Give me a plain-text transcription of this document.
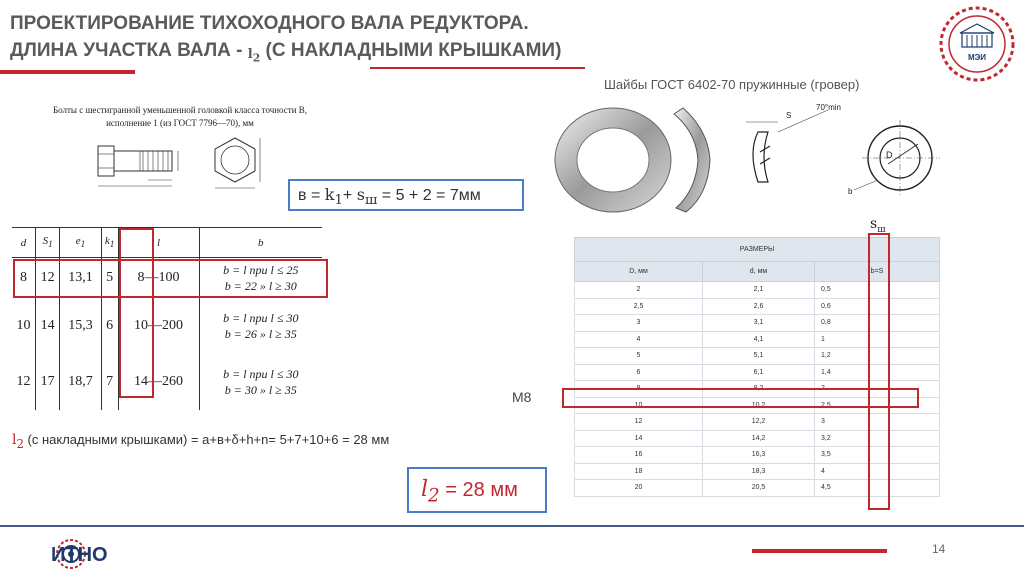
ПРОЕКТИРОВАНИЕ ТИХОХОДНОГО ВАЛА РЕДУКТОРА.
ДЛИНА УЧАСТКА ВАЛА - $l_2$ (С НАКЛАДНЫМИ КРЫШКАМИ)	МЭИ
Болты с шестигранной уменьшенной головкой класса точности В,
исполнение 1 (из ГОСТ 7796—70), мм
$в = k_1+ s_ш = 5 + 2 = 7мм$
d	$S_1$	$e_1$	$k_1$	l	b
8	12	13,1	5	8—100	b = l при l ≤ 25
b = 22 » l ≥ 30

10	14	15,3	6	10—200	b = l при l ≤ 30
b = 26 » l ≥ 35

12	17	18,7	7	14—260	b = l при l ≤ 30
b = 30 » l ≥ 35
$l_2$ (с накладными крышками) = а+в+δ+h+n= 5+7+10+6 = 28 мм
$l_2 = 28$ мм
Шайбы ГОСТ 6402-70 пружинные (гровер)
S
70°min
D
b
$s_ш$
РАЗМЕРЫ		
D, мм	d, мм	b=S
2	2,1	0,5
2,5	2,6	0,6
3	3,1	0,8
4	4,1	1
5	5,1	1,2
6	6,1	1,4
8	8,2	2
10	10,2	2,5
12	12,2	3
14	14,2	3,2
16	16,3	3,5
18	18,3	4
20	20,5	4,5
M8
ИТНО	14
